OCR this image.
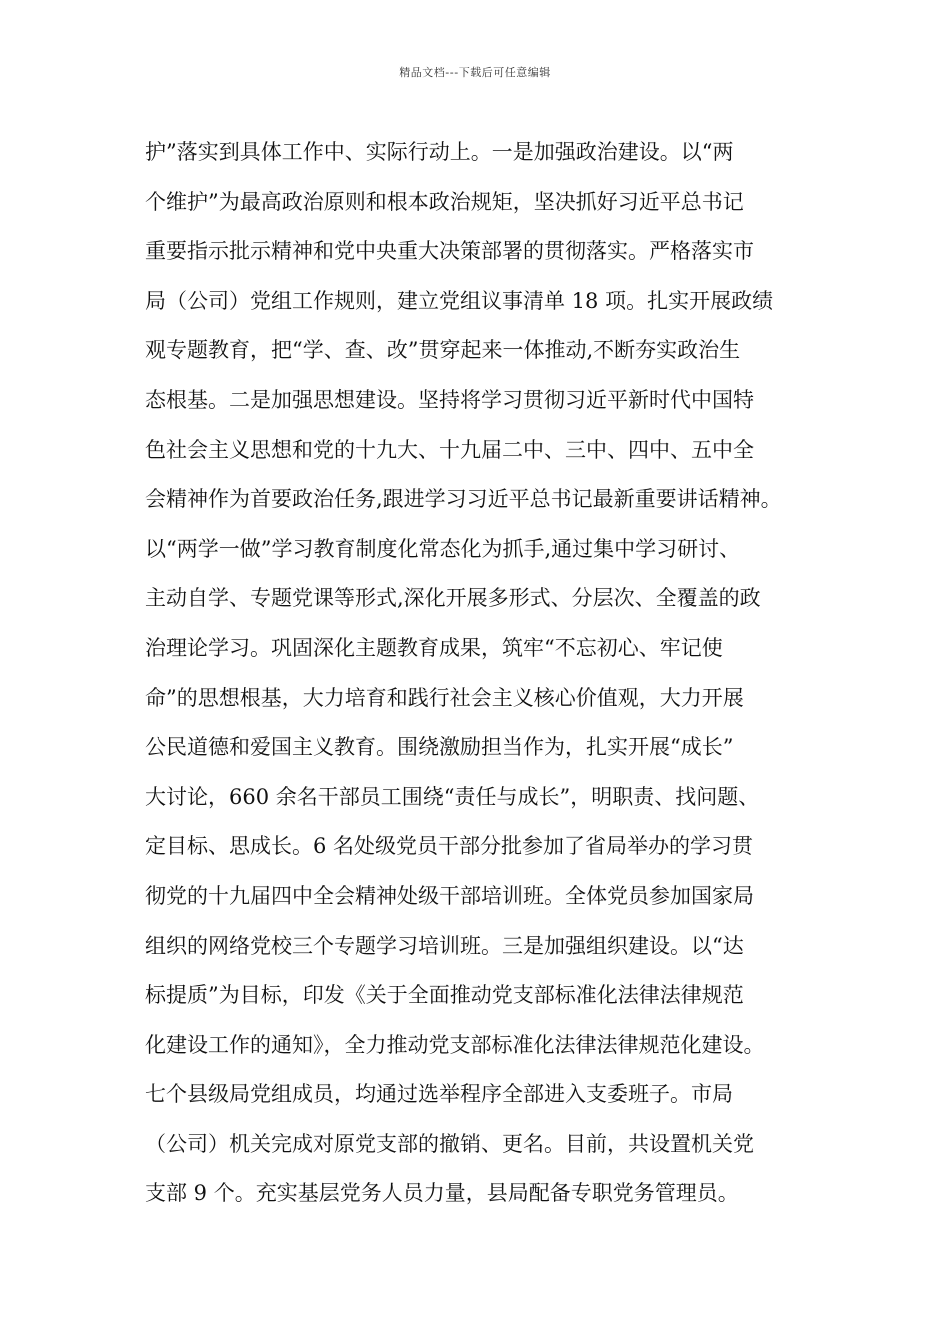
精品文档---下载后可任意编辑
护”落实到具体工作中、实际行动上。一是加强政治建设。以“两
个维护”为最高政治原则和根本政治规矩，坚决抓好习近平总书记
重要指示批示精神和党中央重大决策部署的贯彻落实。严格落实市
局（公司）党组工作规则，建立党组议事清单 18 项。扎实开展政绩
观专题教育，把“学、查、改”贯穿起来一体推动,不断夯实政治生
态根基。二是加强思想建设。坚持将学习贯彻习近平新时代中国特
色社会主义思想和党的十九大、十九届二中、三中、四中、五中全
会精神作为首要政治任务,跟进学习习近平总书记最新重要讲话精神。
以“两学一做”学习教育制度化常态化为抓手,通过集中学习研讨、
主动自学、专题党课等形式,深化开展多形式、分层次、全覆盖的政
治理论学习。巩固深化主题教育成果，筑牢“不忘初心、牢记使
命”的思想根基，大力培育和践行社会主义核心价值观，大力开展
公民道德和爱国主义教育。围绕激励担当作为，扎实开展“成长”
大讨论，660 余名干部员工围绕“责任与成长”，明职责、找问题、
定目标、思成长。6 名处级党员干部分批参加了省局举办的学习贯
彻党的十九届四中全会精神处级干部培训班。全体党员参加国家局
组织的网络党校三个专题学习培训班。三是加强组织建设。以“达
标提质”为目标，印发《关于全面推动党支部标准化法律法律规范
化建设工作的通知》，全力推动党支部标准化法律法律规范化建设。
七个县级局党组成员，均通过选举程序全部进入支委班子。市局
（公司）机关完成对原党支部的撤销、更名。目前，共设置机关党
支部 9 个。充实基层党务人员力量，县局配备专职党务管理员。
